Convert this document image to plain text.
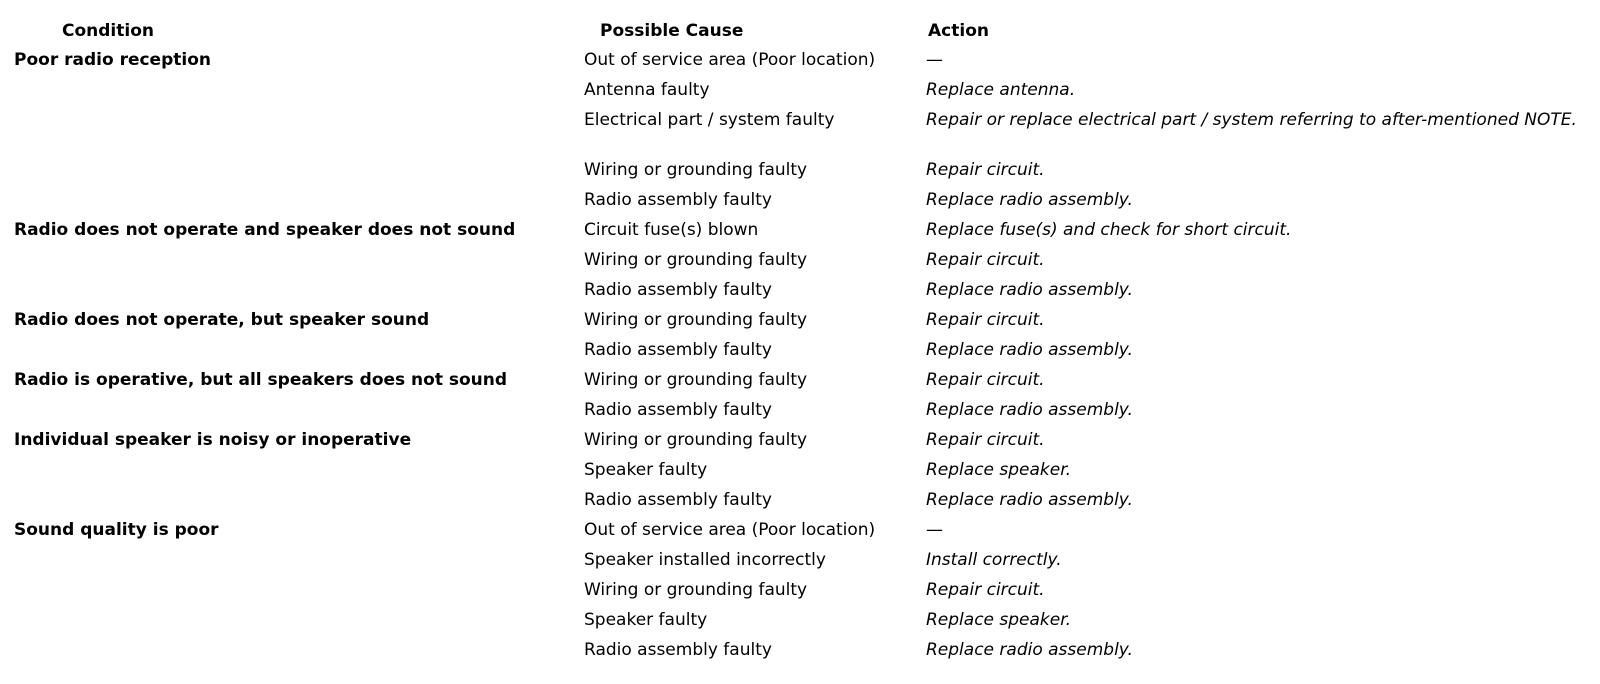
Condition	Possible Cause	Action
Poor radio reception	Out of service area (Poor location)	—
	Antenna faulty	Replace antenna.
	Electrical part / system faulty	Repair or replace electrical part / system referring to after-mentioned NOTE.
	Wiring or grounding faulty	Repair circuit.
	Radio assembly faulty	Replace radio assembly.
Radio does not operate and speaker does not sound	Circuit fuse(s) blown	Replace fuse(s) and check for short circuit.
	Wiring or grounding faulty	Repair circuit.
	Radio assembly faulty	Replace radio assembly.
Radio does not operate, but speaker sound	Wiring or grounding faulty	Repair circuit.
	Radio assembly faulty	Replace radio assembly.
Radio is operative, but all speakers does not sound	Wiring or grounding faulty	Repair circuit.
	Radio assembly faulty	Replace radio assembly.
Individual speaker is noisy or inoperative	Wiring or grounding faulty	Repair circuit.
	Speaker faulty	Replace speaker.
	Radio assembly faulty	Replace radio assembly.
Sound quality is poor	Out of service area (Poor location)	—
	Speaker installed incorrectly	Install correctly.
	Wiring or grounding faulty	Repair circuit.
	Speaker faulty	Replace speaker.
	Radio assembly faulty	Replace radio assembly.
